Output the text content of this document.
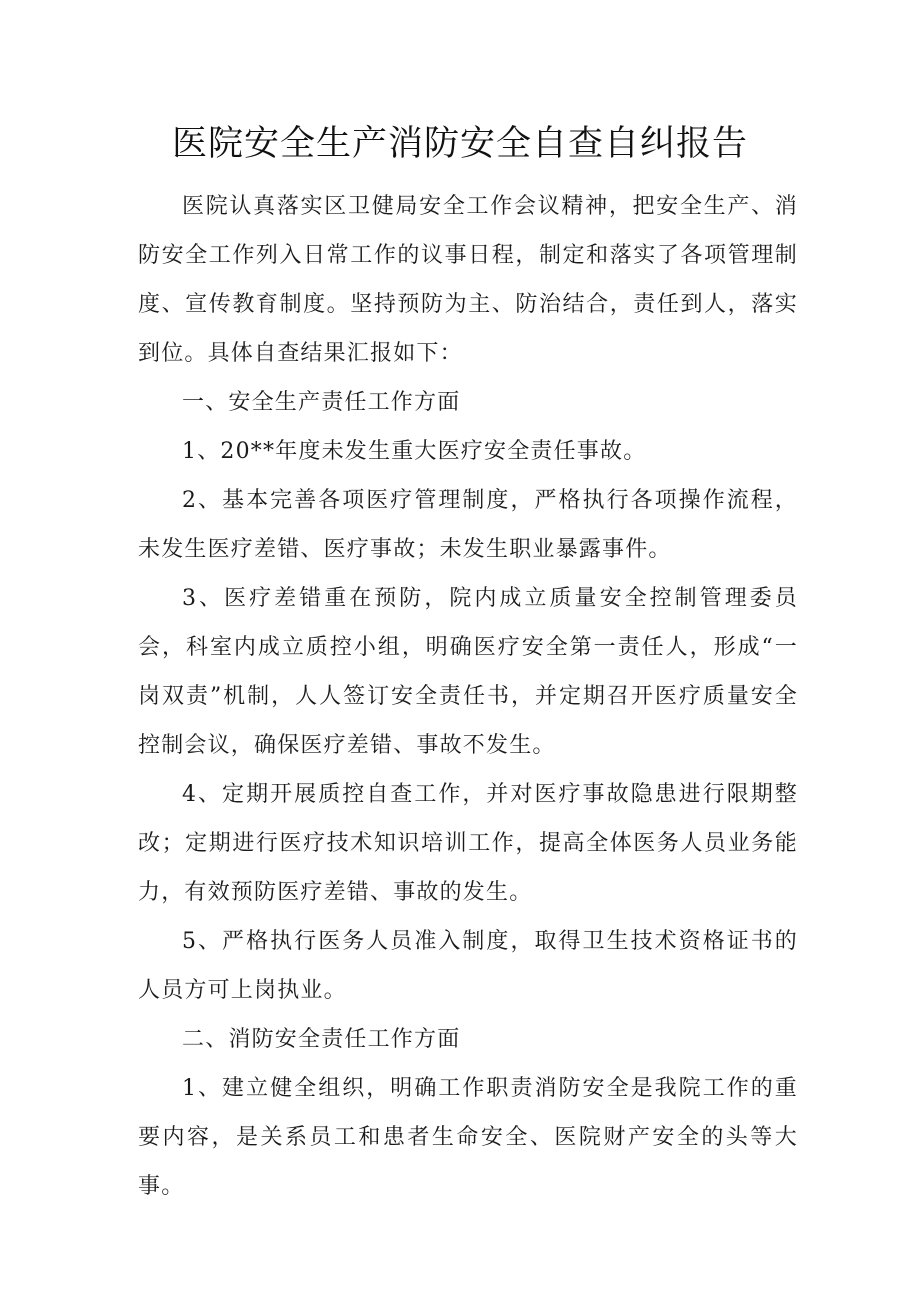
医院安全生产消防安全自查自纠报告

医院认真落实区卫健局安全工作会议精神，把安全生产、消防安全工作列入日常工作的议事日程，制定和落实了各项管理制度、宣传教育制度。坚持预防为主、防治结合，责任到人，落实到位。具体自查结果汇报如下：

一、安全生产责任工作方面

1、20**年度未发生重大医疗安全责任事故。

2、基本完善各项医疗管理制度，严格执行各项操作流程，未发生医疗差错、医疗事故；未发生职业暴露事件。

3、医疗差错重在预防，院内成立质量安全控制管理委员会，科室内成立质控小组，明确医疗安全第一责任人，形成“一岗双责”机制，人人签订安全责任书，并定期召开医疗质量安全控制会议，确保医疗差错、事故不发生。

4、定期开展质控自查工作，并对医疗事故隐患进行限期整改；定期进行医疗技术知识培训工作，提高全体医务人员业务能力，有效预防医疗差错、事故的发生。

5、严格执行医务人员准入制度，取得卫生技术资格证书的人员方可上岗执业。

二、消防安全责任工作方面

1、建立健全组织，明确工作职责消防安全是我院工作的重要内容，是关系员工和患者生命安全、医院财产安全的头等大事。
